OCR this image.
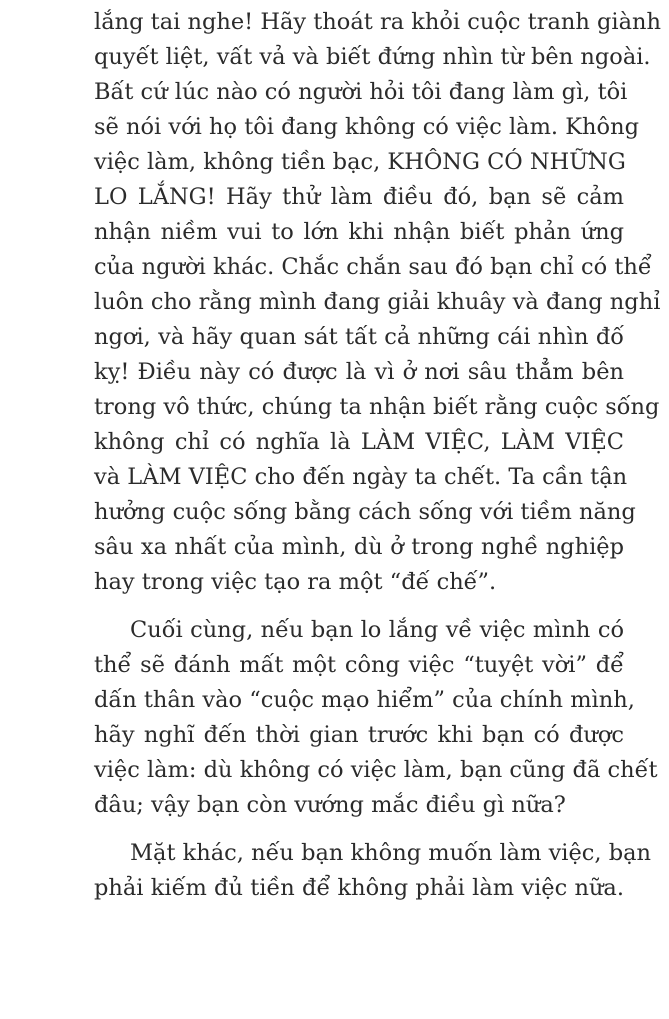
lắng tai nghe! Hãy thoát ra khỏi cuộc tranh giành
quyết liệt, vất vả và biết đứng nhìn từ bên ngoài.
Bất cứ lúc nào có người hỏi tôi đang làm gì, tôi
sẽ nói với họ tôi đang không có việc làm. Không
việc làm, không tiền bạc, KHÔNG CÓ NHỮNG
LO LẮNG! Hãy thử làm điều đó, bạn sẽ cảm
nhận niềm vui to lớn khi nhận biết phản ứng
của người khác. Chắc chắn sau đó bạn chỉ có thể
luôn cho rằng mình đang giải khuây và đang nghỉ
ngơi, và hãy quan sát tất cả những cái nhìn đố
kỵ! Điều này có được là vì ở nơi sâu thẳm bên
trong vô thức, chúng ta nhận biết rằng cuộc sống
không chỉ có nghĩa là LÀM VIỆC, LÀM VIỆC
và LÀM VIỆC cho đến ngày ta chết. Ta cần tận
hưởng cuộc sống bằng cách sống với tiềm năng
sâu xa nhất của mình, dù ở trong nghề nghiệp
hay trong việc tạo ra một “đế chế”.
Cuối cùng, nếu bạn lo lắng về việc mình có
thể sẽ đánh mất một công việc “tuyệt vời” để
dấn thân vào “cuộc mạo hiểm” của chính mình,
hãy nghĩ đến thời gian trước khi bạn có được
việc làm: dù không có việc làm, bạn cũng đã chết
đâu; vậy bạn còn vướng mắc điều gì nữa?
Mặt khác, nếu bạn không muốn làm việc, bạn
phải kiếm đủ tiền để không phải làm việc nữa.
